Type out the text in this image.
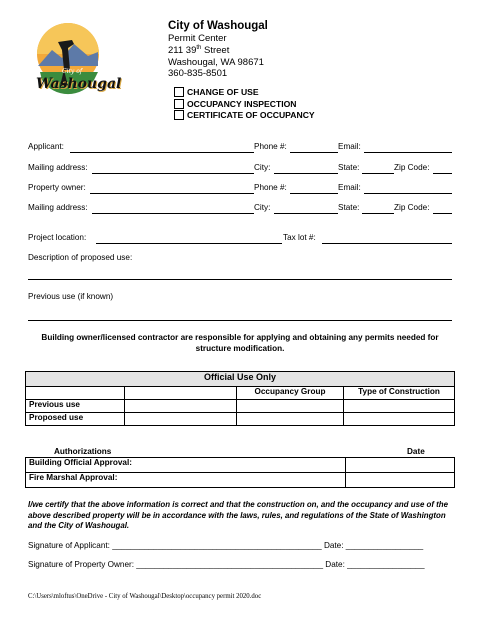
City of
Washougal
City of Washougal
Permit Center
211 39th Street
Washougal, WA 98671
360-835-8501
CHANGE OF USE
OCCUPANCY INSPECTION
CERTIFICATE OF OCCUPANCY
Applicant:	Phone #:	Email:
Mailing address:	City:	State:	Zip Code:
Property owner:	Phone #:	Email:
Mailing address:	City:	State:	Zip Code:
Project location:	Tax lot #:
Description of proposed use:
Previous use (if known)
Building owner/licensed contractor are responsible for applying and obtaining any permits needed for structure modification.
Official Use Only			
		Occupancy Group	Type of Construction
Previous use			
Proposed use			
Authorizations	Date
Building Official Approval:	
Fire Marshal Approval:	
I/we certify that the above information is correct and that the construction on, and the occupancy and use of the above described property will be in accordance with the laws, rules, and regulations of the State of Washington and the City of Washougal.
Signature of Applicant: ______________________________________________ Date: _________________
Signature of Property Owner: _________________________________________ Date: _________________
C:\Users\mloftus\OneDrive - City of Washougal\Desktop\occupancy permit 2020.doc
